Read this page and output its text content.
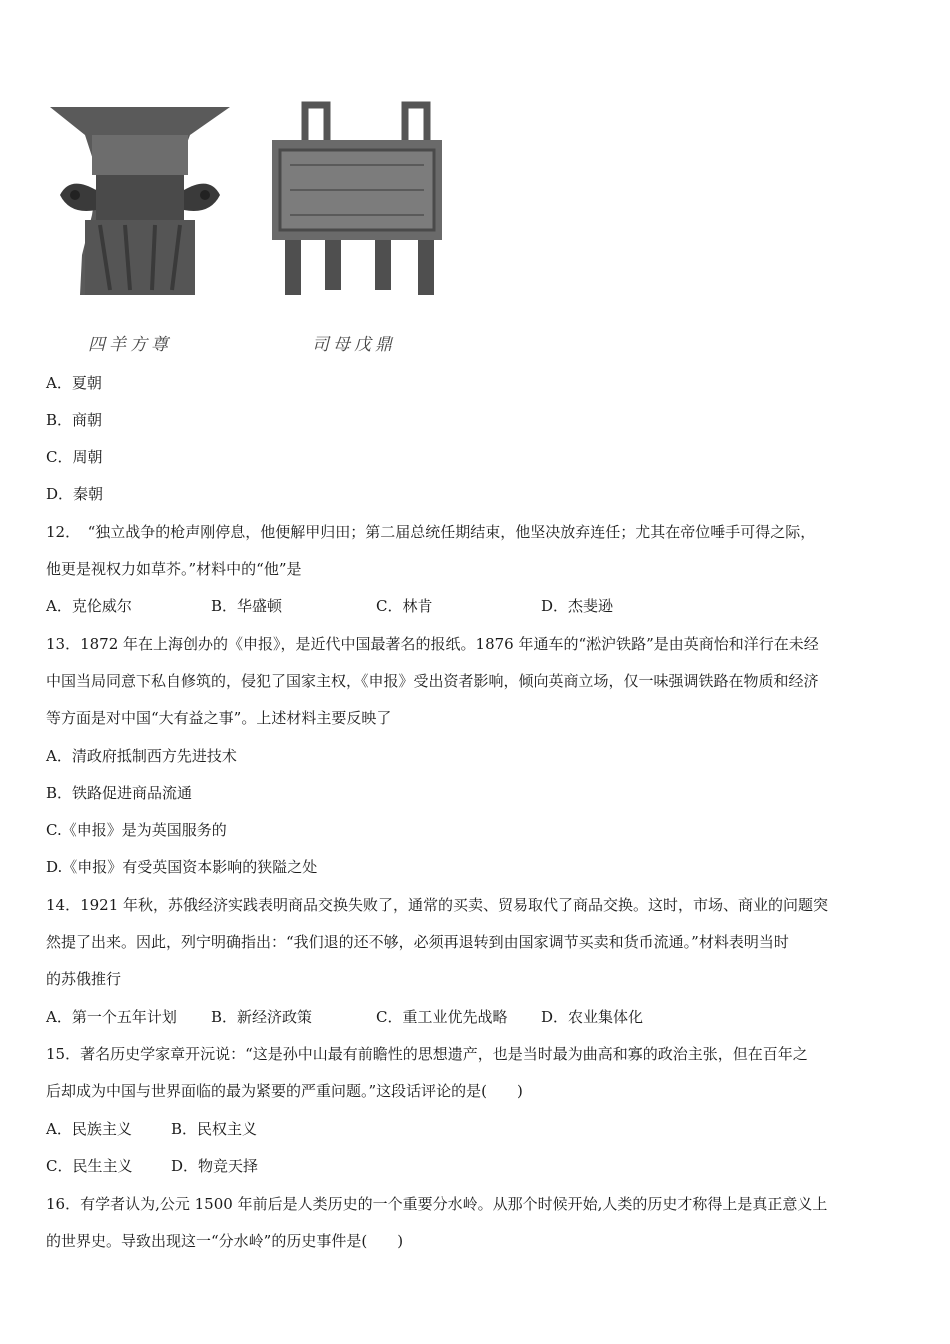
四羊方尊	司母戊鼎
A．夏朝
B．商朝
C．周朝
D．秦朝
12．　“独立战争的枪声刚停息，他便解甲归田；第二届总统任期结束，他坚决放弃连任；尤其在帝位唾手可得之际，
他更是视权力如草芥。”材料中的“他”是
A．克伦威尔	B．华盛顿	C．林肯	D．杰斐逊
13．1872 年在上海创办的《申报》，是近代中国最著名的报纸。1876 年通车的“淞沪铁路”是由英商怡和洋行在未经
中国当局同意下私自修筑的，侵犯了国家主权，《申报》受出资者影响，倾向英商立场，仅一味强调铁路在物质和经济
等方面是对中国“大有益之事”。上述材料主要反映了
A．清政府抵制西方先进技术
B．铁路促进商品流通
C.《申报》是为英国服务的
D.《申报》有受英国资本影响的狭隘之处
14．1921 年秋，苏俄经济实践表明商品交换失败了，通常的买卖、贸易取代了商品交换。这时，市场、商业的问题突
然提了出来。因此，列宁明确指出：“我们退的还不够，必须再退转到由国家调节买卖和货币流通。”材料表明当时
的苏俄推行
A．第一个五年计划	B．新经济政策	C．重工业优先战略	D．农业集体化
15．著名历史学家章开沅说：“这是孙中山最有前瞻性的思想遗产，也是当时最为曲高和寡的政治主张，但在百年之
后却成为中国与世界面临的最为紧要的严重问题。”这段话评论的是(　　)
A．民族主义	B．民权主义
C．民生主义	D．物竞天择
16．有学者认为,公元 1500 年前后是人类历史的一个重要分水岭。从那个时候开始,人类的历史才称得上是真正意义上
的世界史。导致出现这一“分水岭”的历史事件是(　　)
